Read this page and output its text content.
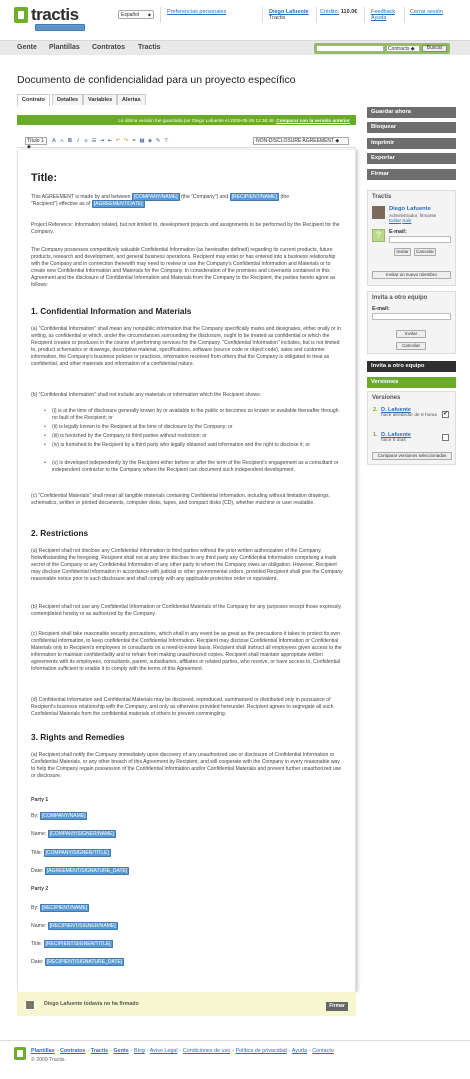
tractis
contracts you can enforce
Español ◆	Preferencias personales	Diego Lafuente
Tractis
Crédito: 110.0€ Feedback
Ayuda
Cerrar sesión
Gente Plantillas Contratos Tractis	Contracts ◆	Buscar
Documento de confidencialidad para un proyecto específico
Contrato	Detalles	Variables	Alertas
La última versión fue guardada por Diego Lafuente el 2009-05-26 12:36:48. Comparar con la versión anterior
Título 1 ◆
A	A B I	≡ ☰ ⇥ ⇤ ↶ ↷ ⚭ ▦ ◈ ✎ ?	NON-DISCLOSURE AGREEMENT ◆
Title:
This AGREEMENT is made by and between [COMPANY/NAME] (the "Company") and [RECIPIENT/NAME] (the
"Recipient") effective as of [AGREEMENT/DATE]
Project Reference: Information related, but not limited to, development projects and assignments to be performed by the Recipient for the Company.
The Company possesses competitively valuable Confidential Information (as hereinafter defined) regarding its current products, future products, research and development, and general business operations. Recipient may enter or has entered into a business relationship with the Company and in connection therewith may need to review or use the Company's Confidential Information and Materials or to create new Confidential Information and Materials for the Company. In consideration of the promises and covenants contained in this Agreement and the disclosure of Confidential Information and Materials from the Company to the Recipient, the parties hereto agree as follows:
1. Confidential Information and Materials
(a) "Confidential Information" shall mean any nonpublic information that the Company specifically marks and designates, either orally or in writing, as confidential or which, under the circumstances surrounding the disclosure, ought to be treated as confidential or which the Recipient creates or produces in the course of performing services for the Company. "Confidential Information" includes, but is not limited to, product schematics or drawings, descriptive material, specifications, software (source code or object code), sales and customer information, the Company's business policies or practices, information received from others that the Company is obligated to treat as confidential, and other materials and information of a confidential nature.
(b) "Confidential Information" shall not include any materials or information which the Recipient shows:
• (i) is at the time of disclosure generally known by or available to the public or becomes so known or available thereafter through no fault of the Recipient; or
• (ii) is legally known to the Recipient at the time of disclosure by the Company; or
• (iii) is furnished by the Company to third parties without restriction; or
• (iv) is furnished to the Recipient by a third party who legally obtained said information and the right to disclose it; or
• (v) is developed independently by the Recipient either before or after the term of the Recipient's engagement as a consultant or independent contractor to the Company where the Recipient can document such independent development.
(c) "Confidential Materials" shall mean all tangible materials containing Confidential Information, including without limitation drawings, schematics, written or printed documents, computer disks, tapes, and compact disks (CD), whether machine or user readable.
2. Restrictions
(a) Recipient shall not disclose any Confidential Information to third parties without the prior written authorization of the Company. Notwithstanding the foregoing, Recipient shall not at any time disclose to any third party any Confidential Information comprising a trade secret of the Company or any Confidential Information of any other party to whom the Company owes an obligation. However, Recipient may disclose Confidential Information in accordance with judicial or other governmental orders, provided Recipient shall give the Company reasonable notice prior to such disclosure and shall comply with any applicable protective order or equivalent.
(b) Recipient shall not use any Confidential Information or Confidential Materials of the Company for any purposes except those expressly contemplated hereby or as authorized by the Company.
(c) Recipient shall take reasonable security precautions, which shall in any event be as great as the precautions it takes to protect its own confidential information, to keep confidential the Confidential Information. Recipient may disclose Confidential Information or Confidential Materials only to Recipient's employees or consultants on a need-to-know basis. Recipient shall instruct all employees given access to the information to maintain confidentiality and to refrain from making unauthorized copies. Recipient shall maintain appropriate written agreements with its employees, consultants, parent, subsidiaries, affiliates or related parties, who receive, or have access to, Confidential Information sufficient to enable it to comply with the terms of this Agreement.
(d) Confidential Information and Confidential Materials may be disclosed, reproduced, summarized or distributed only in pursuance of Recipient's business relationship with the Company, and only as otherwise provided hereunder. Recipient agrees to segregate all such Confidential Materials from the confidential materials of others to prevent commingling.
3. Rights and Remedies
(a) Recipient shall notify the Company immediately upon discovery of any unauthorized use or disclosure of Confidential Information or Confidential Materials, or any other breach of this Agreement by Recipient, and will cooperate with the Company in every reasonable way to help the Company regain possession of the Confidential Information and/or Confidential Materials and prevent further unauthorized use or disclosure.
Party 1
By: [COMPANY/NAME]
Name: [COMPANY/SIGNER/NAME]
Title: [COMPANY/SIGNER/TITLE]
Date: [AGREEMENT/SIGNATURE_DATE]
Party 2
By: [RECIPIENT/NAME]
Name: [RECIPIENT/SIGNER/NAME]
Title: [RECIPIENT/SIGNER/TITLE]
Date: [RECIPIENT/SIGNATURE_DATE]
Diego Lafuente todavía no ha firmado	Firmar
Guardar ahora
Bloquear
Imprimir
Exportar
Firmar
Tractis
Diego Lafuente
Administrador, firmante
Editar Salir
?	E-mail:
Invitar	Cancelar
Invitar un nuevo miembro
Invita a otro equipo
E-mail:
Invitar
Cancelar
Invita a otro equipo
Versiones
Versiones
2. D. Lafuente
hace alrededor de 8 horas ✔
1. D. Lafuente
hace 5 días
Comparar versiones seleccionadas
Plantillas · Contratos · Tractis · Gente · Blog · Aviso Legal · Condiciones de uso · Política de privacidad · Ayuda · Contacto
© 2009 Tractis.
